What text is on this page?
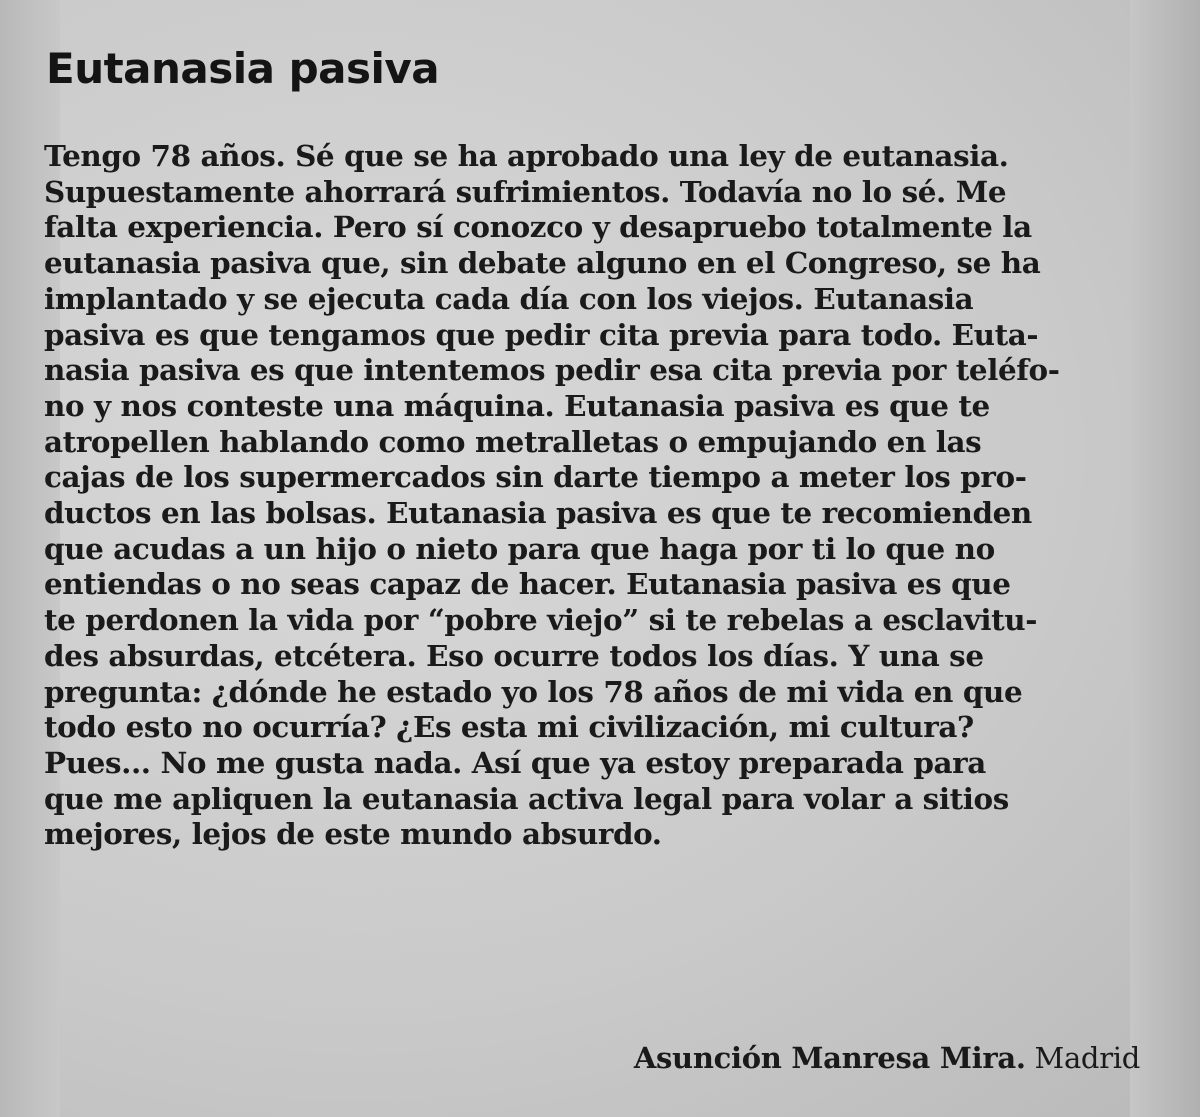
Eutanasia pasiva
Tengo 78 años. Sé que se ha aprobado una ley de eutanasia.
Supuestamente ahorrará sufrimientos. Todavía no lo sé. Me
falta experiencia. Pero sí conozco y desapruebo totalmente la
eutanasia pasiva que, sin debate alguno en el Congreso, se ha
implantado y se ejecuta cada día con los viejos. Eutanasia
pasiva es que tengamos que pedir cita previa para todo. Euta-
nasia pasiva es que intentemos pedir esa cita previa por teléfo-
no y nos conteste una máquina. Eutanasia pasiva es que te
atropellen hablando como metralletas o empujando en las
cajas de los supermercados sin darte tiempo a meter los pro-
ductos en las bolsas. Eutanasia pasiva es que te recomienden
que acudas a un hijo o nieto para que haga por ti lo que no
entiendas o no seas capaz de hacer. Eutanasia pasiva es que
te perdonen la vida por “pobre viejo” si te rebelas a esclavitu-
des absurdas, etcétera. Eso ocurre todos los días. Y una se
pregunta: ¿dónde he estado yo los 78 años de mi vida en que
todo esto no ocurría? ¿Es esta mi civilización, mi cultura?
Pues... No me gusta nada. Así que ya estoy preparada para
que me apliquen la eutanasia activa legal para volar a sitios
mejores, lejos de este mundo absurdo.
Asunción Manresa Mira. Madrid
